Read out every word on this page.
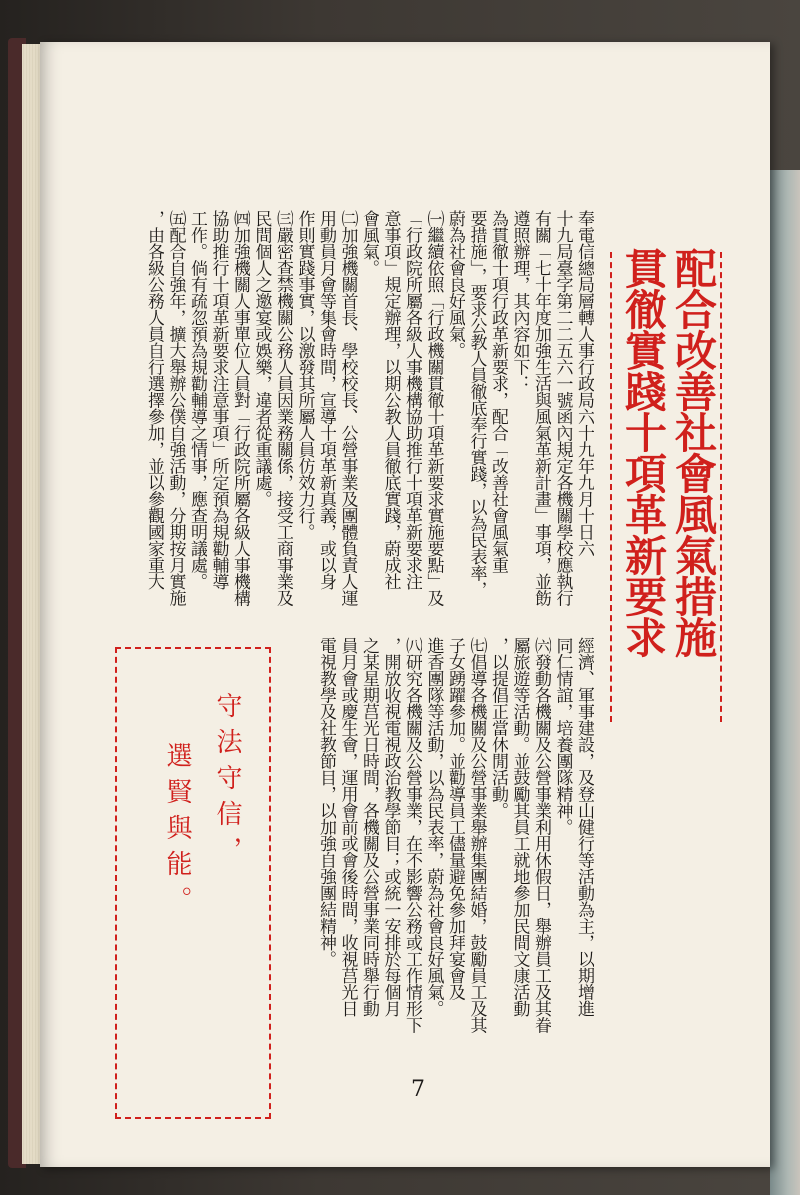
配合改善社會風氣措施
貫徹實踐十項革新要求
奉電信總局層轉人事行政局六十九年九月十日六
十九局臺字第二二五六一號函內規定各機關學校應執行
有關「七十年度加強生活與風氣革新計畫」事項，並飭
遵照辦理，其內容如下：
為貫徹十項行政革新要求，配合「改善社會風氣重
要措施」，要求公教人員徹底奉行實踐，以為民表率，
蔚為社會良好風氣。
㈠繼續依照「行政機關貫徹十項革新要求實施要點」及
「行政院所屬各級人事機構協助推行十項革新要求注
意事項」規定辦理，以期公教人員徹底實踐，蔚成社
會風氣。
㈡加強機關首長、學校校長、公營事業及團體負責人運
用動員月會等集會時間，宣導十項革新真義，或以身
作則實踐事實，以激發其所屬人員仿效力行。
㈢嚴密查禁機關公務人員因業務關係，接受工商事業及
民間個人之邀宴或娛樂，違者從重議處。
㈣加強機關人事單位人員對「行政院所屬各級人事機構
協助推行十項革新要求注意事項」所定預為規勸輔導
工作。倘有疏忽預為規勸輔導之情事，應查明議處。
㈤配合自強年，擴大舉辦公僕自強活動，分期按月實施
，由各級公務人員自行選擇參加，並以參觀國家重大
經濟、軍事建設，及登山健行等活動為主，以期增進
同仁情誼，培養團隊精神。
㈥發動各機關及公營事業利用休假日，舉辦員工及其眷
屬旅遊等活動。並鼓勵其員工就地參加民間文康活動
，以提倡正當休閒活動。
㈦倡導各機關及公營事業舉辦集團結婚，鼓勵員工及其
子女踴躍參加。並勸導員工儘量避免參加拜宴會及
進香團隊等活動，以為民表率，蔚為社會良好風氣。
㈧研究各機關及公營事業，在不影響公務或工作情形下
，開放收視電視政治教學節目；或統一安排於每個月
之某星期莒光日時間，各機關及公營事業同時舉行動
員月會或慶生會，運用會前或會後時間，收視莒光日
電視教學及社教節目，以加強自強團結精神。
守法守信，
選賢與能。
7
